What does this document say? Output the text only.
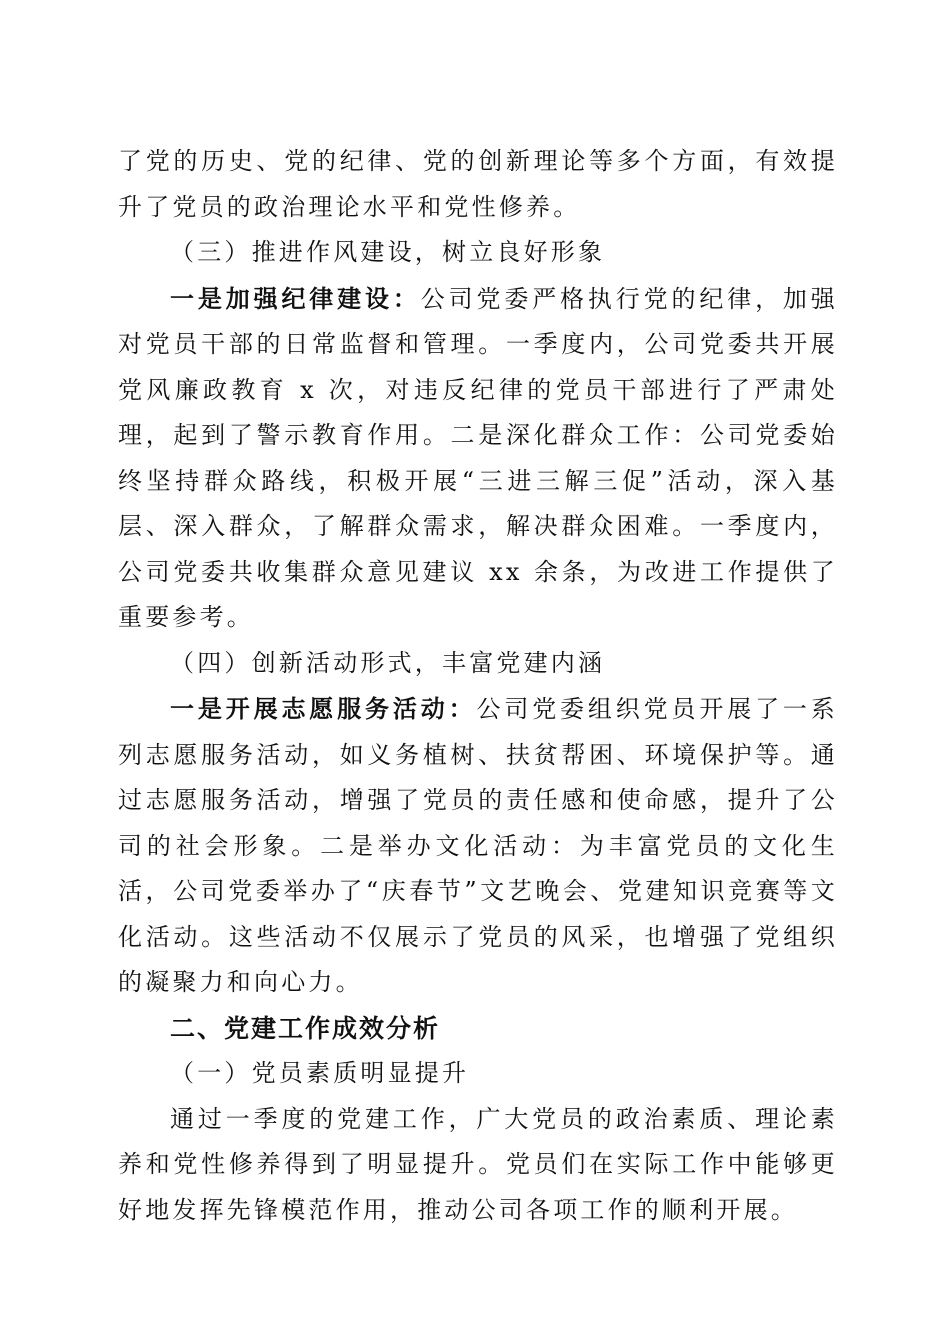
了党的历史、党的纪律、党的创新理论等多个方面，有效提升了党员的政治理论水平和党性修养。

（三）推进作风建设，树立良好形象

一是加强纪律建设：公司党委严格执行党的纪律，加强对党员干部的日常监督和管理。一季度内，公司党委共开展党风廉政教育 x 次，对违反纪律的党员干部进行了严肃处理，起到了警示教育作用。二是深化群众工作：公司党委始终坚持群众路线，积极开展“三进三解三促”活动，深入基层、深入群众，了解群众需求，解决群众困难。一季度内，公司党委共收集群众意见建议 xx 余条，为改进工作提供了重要参考。

（四）创新活动形式，丰富党建内涵

一是开展志愿服务活动：公司党委组织党员开展了一系列志愿服务活动，如义务植树、扶贫帮困、环境保护等。通过志愿服务活动，增强了党员的责任感和使命感，提升了公司的社会形象。二是举办文化活动：为丰富党员的文化生活，公司党委举办了“庆春节”文艺晚会、党建知识竞赛等文化活动。这些活动不仅展示了党员的风采，也增强了党组织的凝聚力和向心力。

二、党建工作成效分析

（一）党员素质明显提升

通过一季度的党建工作，广大党员的政治素质、理论素养和党性修养得到了明显提升。党员们在实际工作中能够更好地发挥先锋模范作用，推动公司各项工作的顺利开展。
